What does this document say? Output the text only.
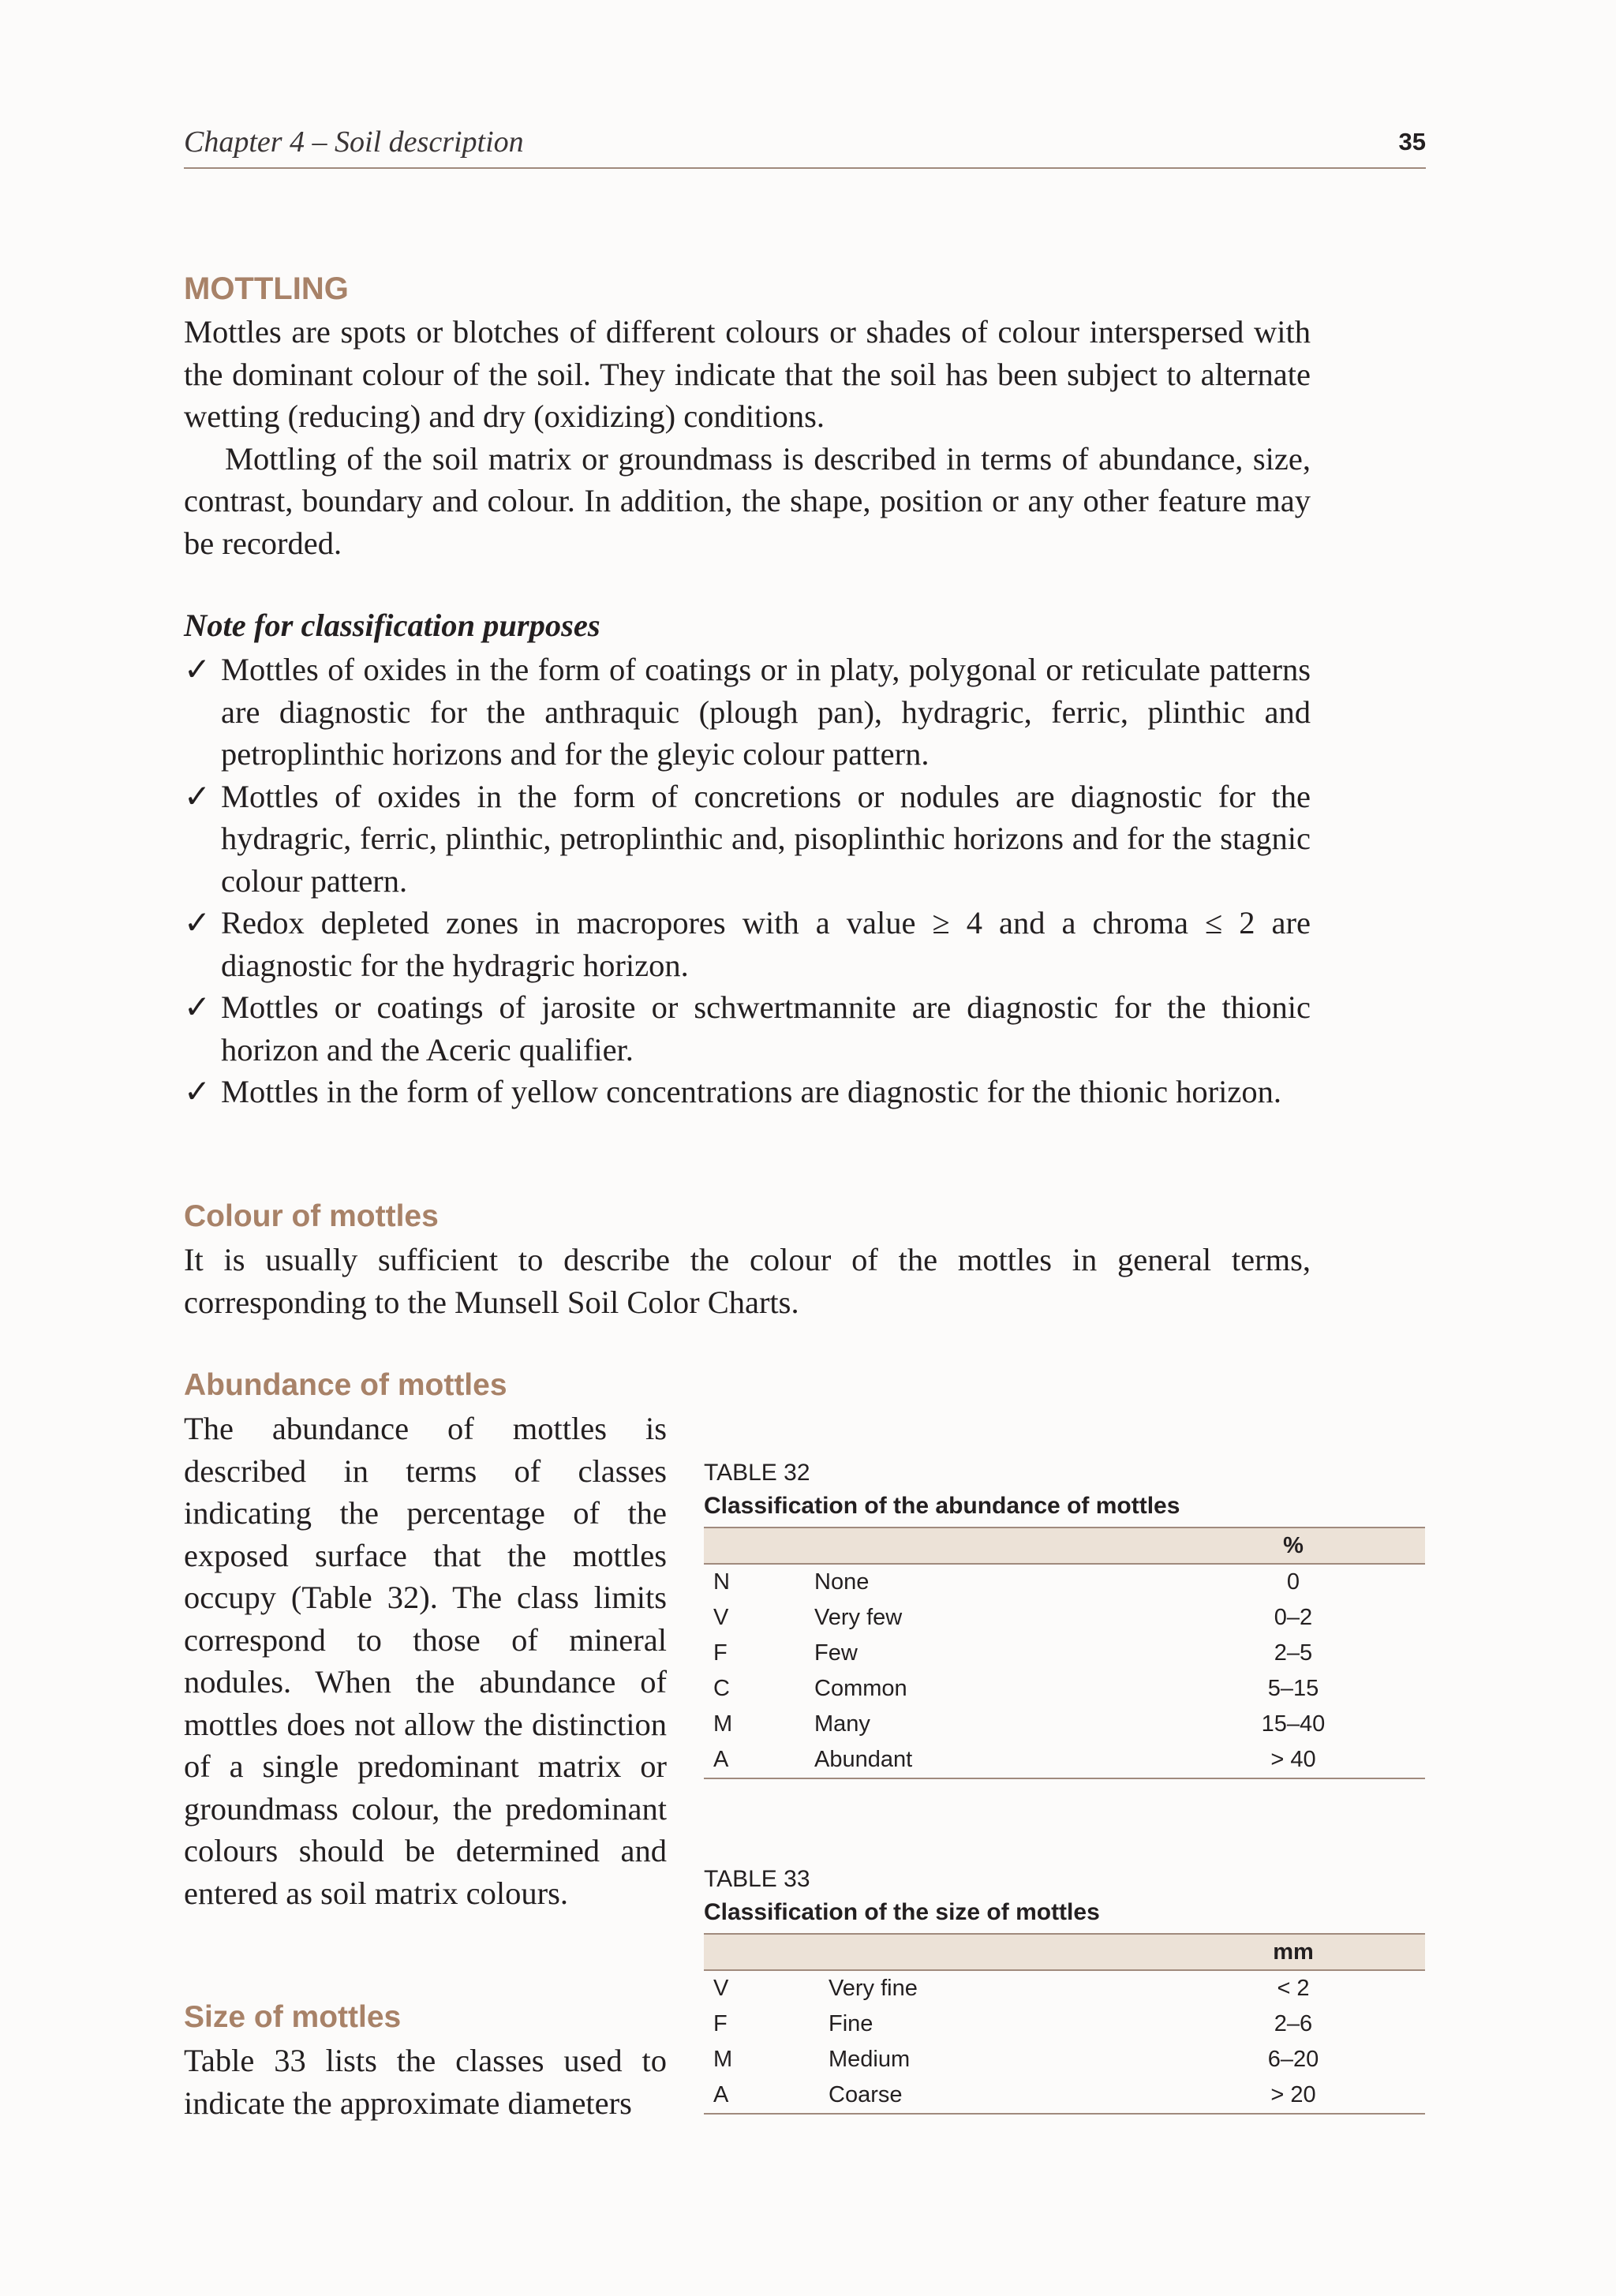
Chapter 4 – Soil description	35
MOTTLING
Mottles are spots or blotches of different colours or shades of colour interspersed with the dominant colour of the soil. They indicate that the soil has been subject to alternate wetting (reducing) and dry (oxidizing) conditions.
Mottling of the soil matrix or groundmass is described in terms of abundance, size, contrast, boundary and colour. In addition, the shape, position or any other feature may be recorded.
Note for classification purposes
✓ Mottles of oxides in the form of coatings or in platy, polygonal or reticulate patterns are diagnostic for the anthraquic (plough pan), hydragric, ferric, plinthic and petroplinthic horizons and for the gleyic colour pattern.
✓ Mottles of oxides in the form of concretions or nodules are diagnostic for the hydragric, ferric, plinthic, petroplinthic and, pisoplinthic horizons and for the stagnic colour pattern.
✓ Redox depleted zones in macropores with a value ≥ 4 and a chroma ≤ 2 are diagnostic for the hydragric horizon.
✓ Mottles or coatings of jarosite or schwertmannite are diagnostic for the thionic horizon and the Aceric qualifier.
✓ Mottles in the form of yellow concentrations are diagnostic for the thionic horizon.
Colour of mottles
It is usually sufficient to describe the colour of the mottles in general terms, corresponding to the Munsell Soil Color Charts.
Abundance of mottles
The abundance of mottles is described in terms of classes indicating the percentage of the exposed surface that the mottles occupy (Table 32). The class limits correspond to those of mineral nodules. When the abundance of mottles does not allow the distinction of a single predominant matrix or groundmass colour, the predominant colours should be determined and entered as soil matrix colours.
Size of mottles
Table 33 lists the classes used to indicate the approximate diameters
TABLE 32
Classification of the abundance of mottles
		%
N	None	0
V	Very few	0–2
F	Few	2–5
C	Common	5–15
M	Many	15–40
A	Abundant	> 40
TABLE 33
Classification of the size of mottles
		mm
V	Very fine	< 2
F	Fine	2–6
M	Medium	6–20
A	Coarse	> 20
